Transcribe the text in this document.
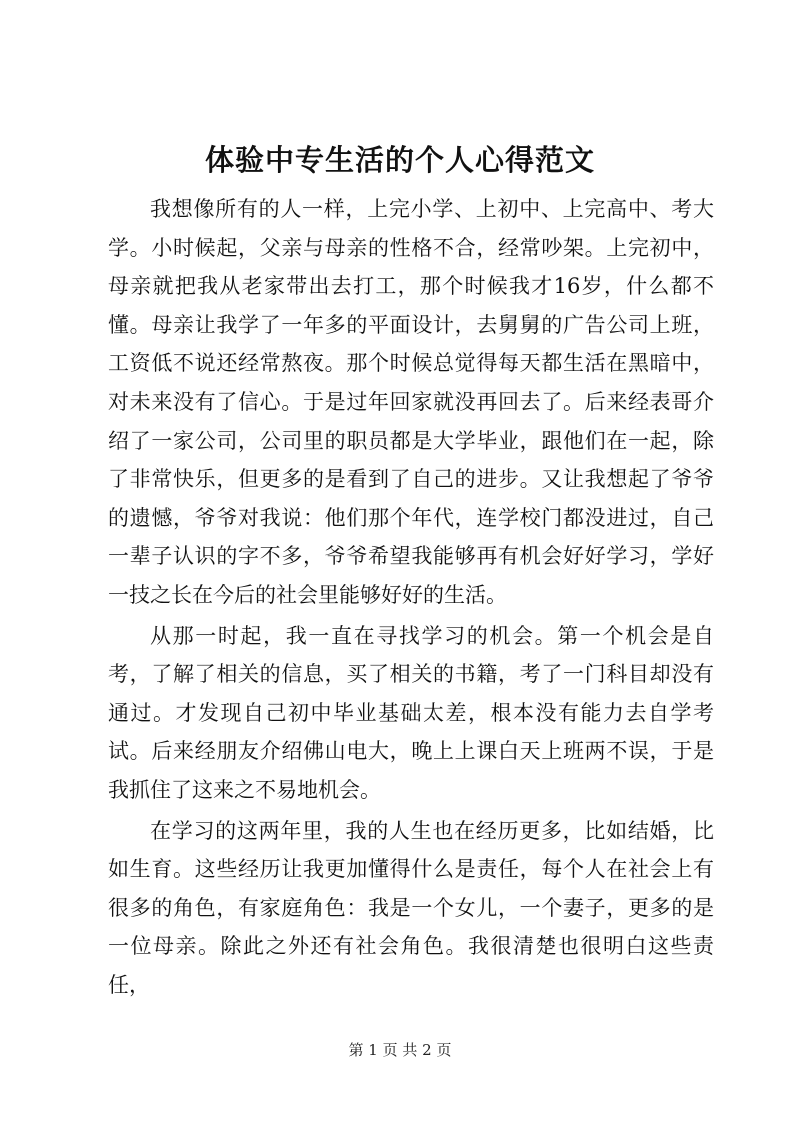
体验中专生活的个人心得范文

我想像所有的人一样，上完小学、上初中、上完高中、考大学。小时候起，父亲与母亲的性格不合，经常吵架。上完初中，母亲就把我从老家带出去打工，那个时候我才16岁，什么都不懂。母亲让我学了一年多的平面设计，去舅舅的广告公司上班，工资低不说还经常熬夜。那个时候总觉得每天都生活在黑暗中，对未来没有了信心。于是过年回家就没再回去了。后来经表哥介绍了一家公司，公司里的职员都是大学毕业，跟他们在一起，除了非常快乐，但更多的是看到了自己的进步。又让我想起了爷爷的遗憾，爷爷对我说：他们那个年代，连学校门都没进过，自己一辈子认识的字不多，爷爷希望我能够再有机会好好学习，学好一技之长在今后的社会里能够好好的生活。

从那一时起，我一直在寻找学习的机会。第一个机会是自考，了解了相关的信息，买了相关的书籍，考了一门科目却没有通过。才发现自己初中毕业基础太差，根本没有能力去自学考试。后来经朋友介绍佛山电大，晚上上课白天上班两不误，于是我抓住了这来之不易地机会。

在学习的这两年里，我的人生也在经历更多，比如结婚，比如生育。这些经历让我更加懂得什么是责任，每个人在社会上有很多的角色，有家庭角色：我是一个女儿，一个妻子，更多的是一位母亲。除此之外还有社会角色。我很清楚也很明白这些责任，

第 1 页 共 2 页
